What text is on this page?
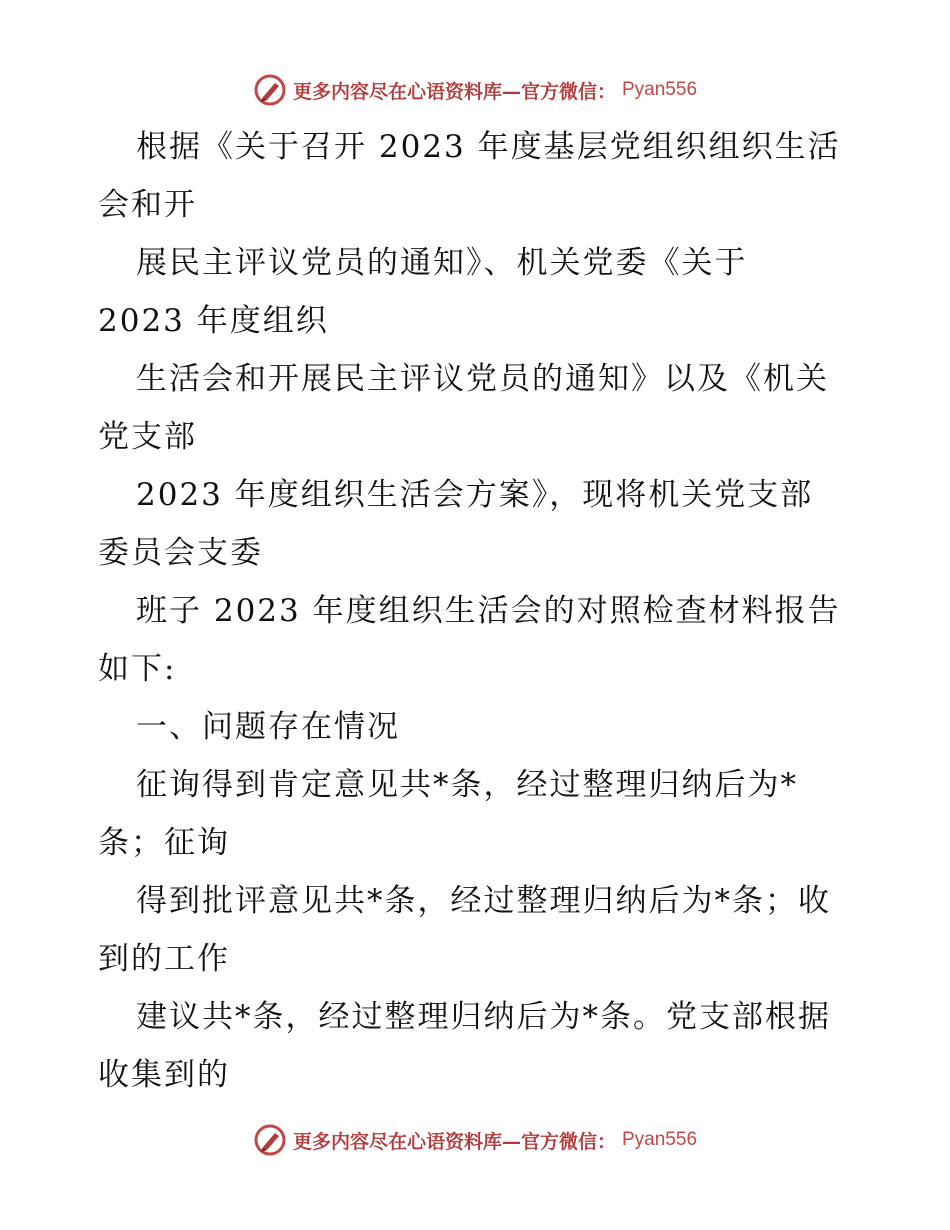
更多内容尽在心语资料库—官方微信： Pyan556
根据《关于召开 2023 年度基层党组织组织生活
会和开
展民主评议党员的通知》、机关党委《关于
2023 年度组织
生活会和开展民主评议党员的通知》以及《机关
党支部
2023 年度组织生活会方案》，现将机关党支部
委员会支委
班子 2023 年度组织生活会的对照检查材料报告
如下:
一、问题存在情况
征询得到肯定意见共*条，经过整理归纳后为*
条；征询
得到批评意见共*条，经过整理归纳后为*条；收
到的工作
建议共*条，经过整理归纳后为*条。党支部根据
收集到的
更多内容尽在心语资料库—官方微信： Pyan556
